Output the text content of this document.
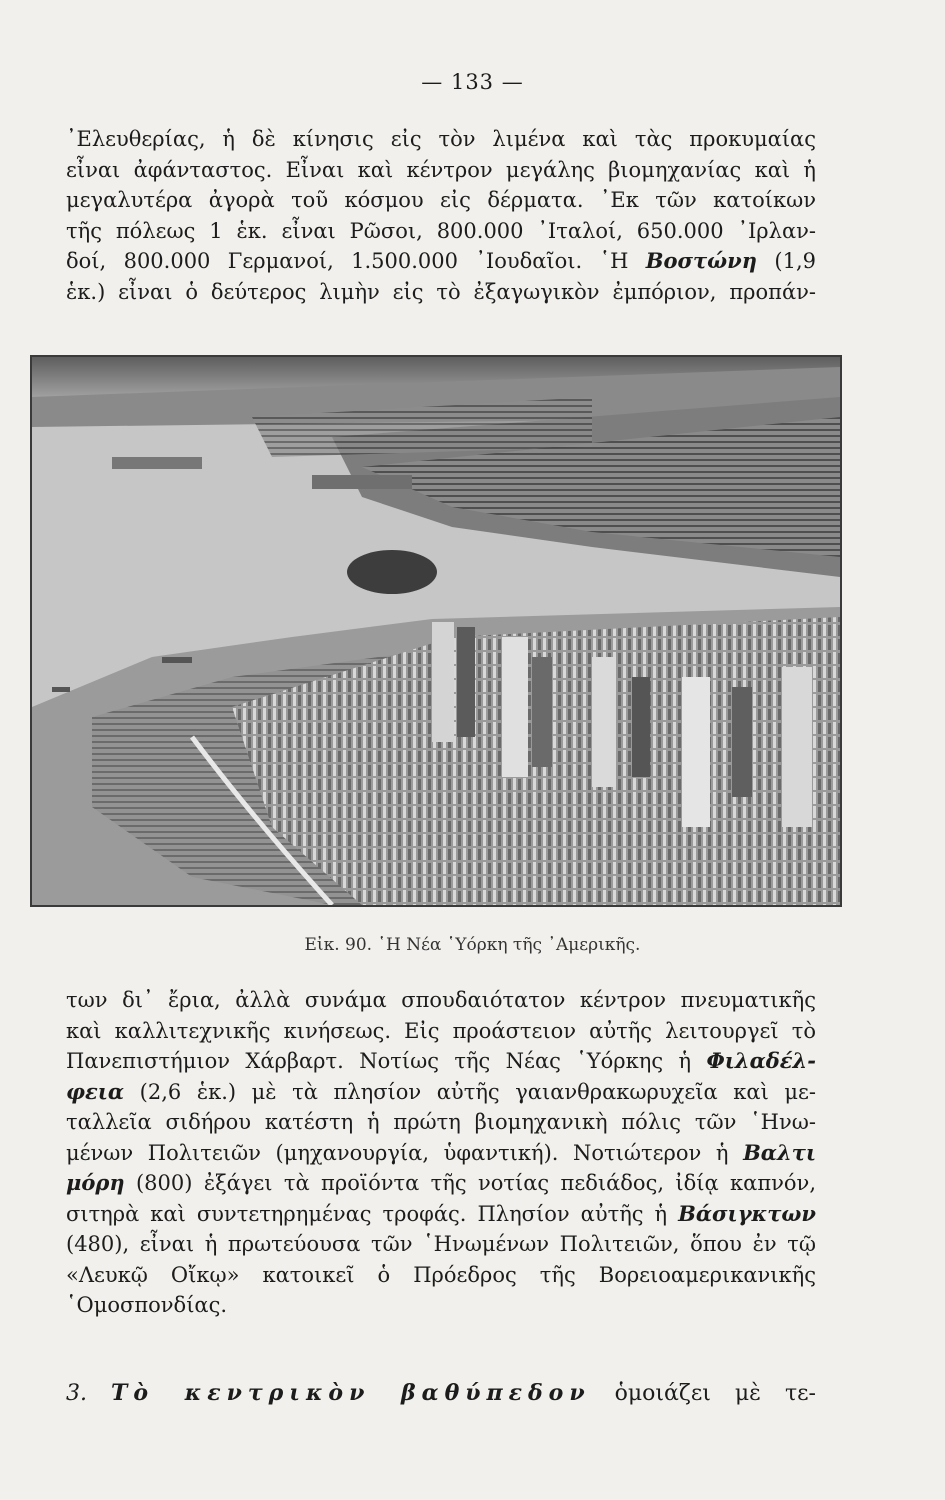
— 133 —
᾿Ελευθερίας, ἡ δὲ κίνησις εἰς τὸν λιμένα καὶ τὰς προκυμαίας
εἶναι ἀφάνταστος. Εἶναι καὶ κέντρον μεγάλης βιομηχανίας καὶ ἡ
μεγαλυτέρα ἀγορὰ τοῦ κόσμου εἰς δέρματα. ᾿Εκ τῶν κατοίκων
τῆς πόλεως 1 ἑκ. εἶναι Ρῶσοι, 800.000 ᾿Ιταλοί, 650.000 ᾿Ιρλαν-
δοί, 800.000 Γερμανοί, 1.500.000 ᾿Ιουδαῖοι. ῾Η Βοστώνη (1,9
ἑκ.) εἶναι ὁ δεύτερος λιμὴν εἰς τὸ ἐξαγωγικὸν ἐμπόριον, προπάν-
Εἰκ. 90. ῾Η Νέα ῾Υόρκη τῆς ᾿Αμερικῆς.
των δι᾿ ἔρια, ἀλλὰ συνάμα σπουδαιότατον κέντρον πνευματικῆς
καὶ καλλιτεχνικῆς κινήσεως. Εἰς προάστειον αὐτῆς λειτουργεῖ τὸ
Πανεπιστήμιον Χάρβαρτ. Νοτίως τῆς Νέας ῾Υόρκης ἡ Φιλαδέλ-
φεια (2,6 ἑκ.) μὲ τὰ πλησίον αὐτῆς γαιανθρακωρυχεῖα καὶ με-
ταλλεῖα σιδήρου κατέστη ἡ πρώτη βιομηχανικὴ πόλις τῶν ῾Ηνω-
μένων Πολιτειῶν (μηχανουργία, ὑφαντική). Νοτιώτερον ἡ Βαλτι
μόρη (800) ἐξάγει τὰ προϊόντα τῆς νοτίας πεδιάδος, ἰδίᾳ καπνόν,
σιτηρὰ καὶ συντετηρημένας τροφάς. Πλησίον αὐτῆς ἡ Βάσιγκτων
(480), εἶναι ἡ πρωτεύουσα τῶν ῾Ηνωμένων Πολιτειῶν, ὅπου ἐν τῷ
«Λευκῷ Οἴκῳ» κατοικεῖ ὁ Πρόεδρος τῆς Βορειοαμερικανικῆς
῾Ομοσπονδίας.
3. Τὸ κεντρικὸν βαθύπεδον ὁμοιάζει μὲ τε-
